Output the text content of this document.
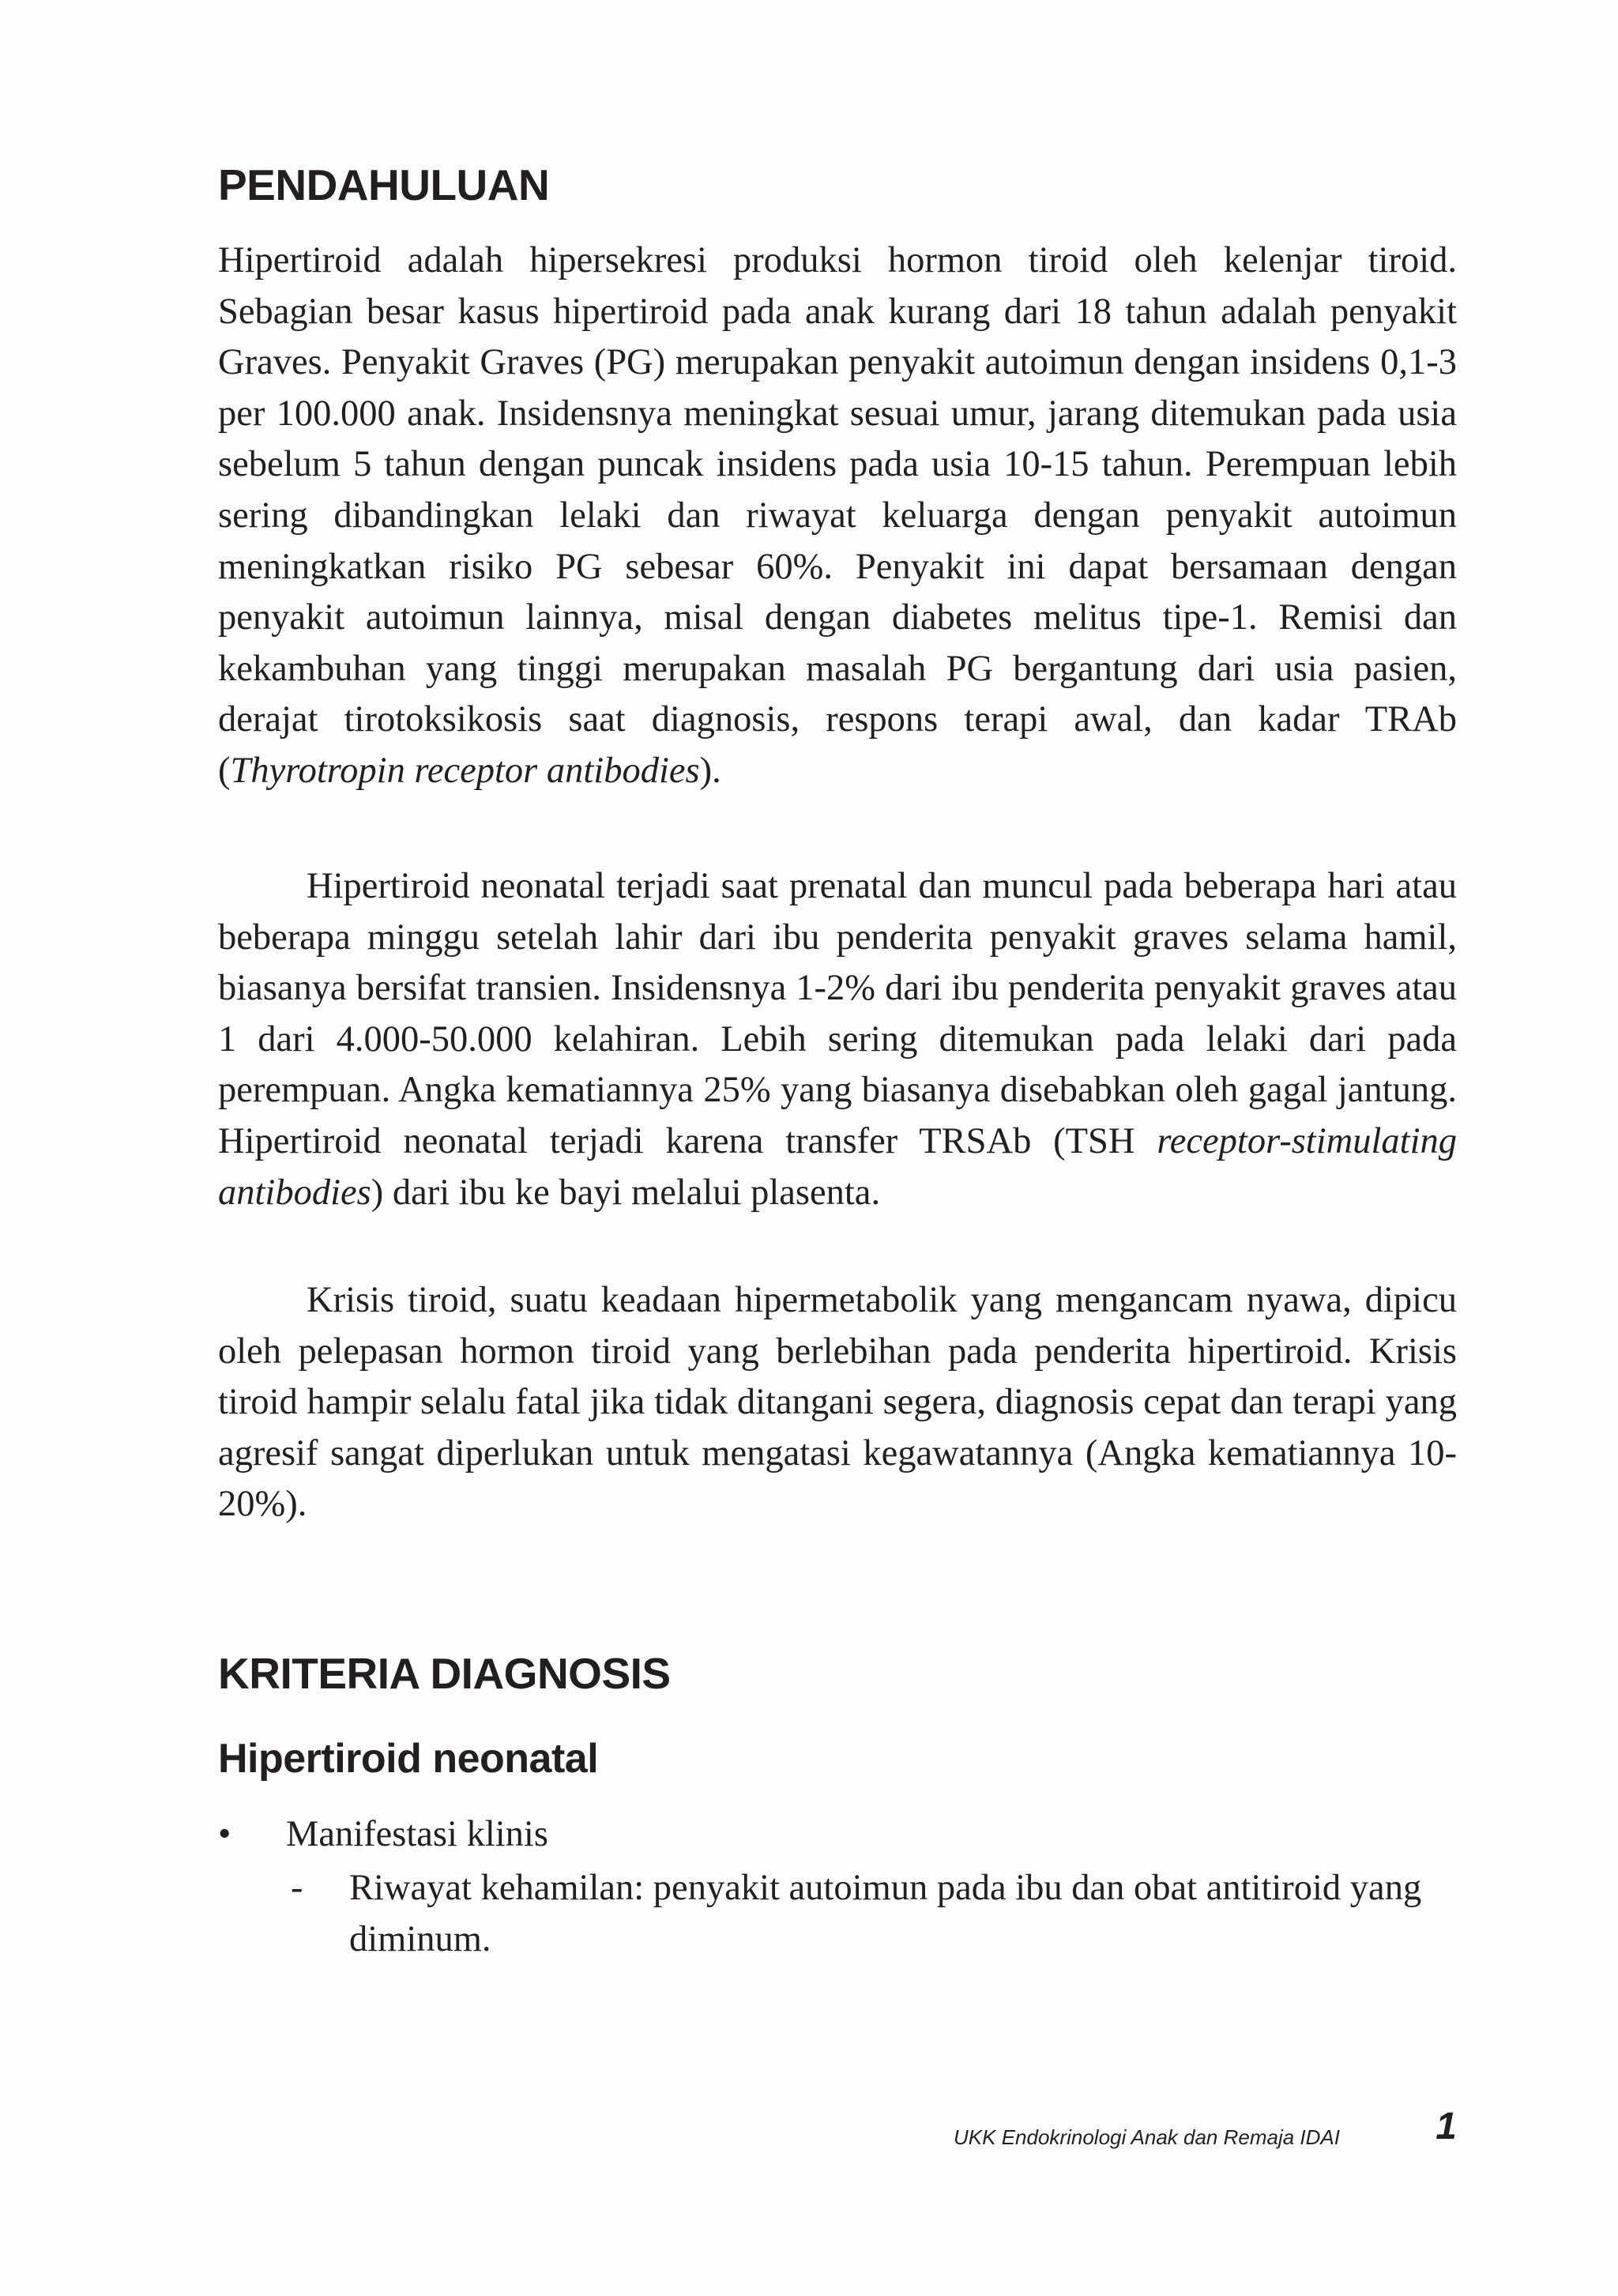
PENDAHULUAN

Hipertiroid adalah hipersekresi produksi hormon tiroid oleh kelenjar tiroid. Sebagian besar kasus hipertiroid pada anak kurang dari 18 tahun adalah penyakit Graves. Penyakit Graves (PG) merupakan penyakit autoimun dengan insidens 0,1-3 per 100.000 anak. Insidensnya meningkat sesuai umur, jarang ditemukan pada usia sebelum 5 tahun dengan puncak insidens pada usia 10-15 tahun. Perempuan lebih sering dibandingkan lelaki dan riwayat keluarga dengan penyakit autoimun meningkatkan risiko PG sebesar 60%. Penyakit ini dapat bersamaan dengan penyakit autoimun lainnya, misal dengan diabetes melitus tipe-1. Remisi dan kekambuhan yang tinggi merupakan masalah PG bergantung dari usia pasien, derajat tirotoksikosis saat diagnosis, respons terapi awal, dan kadar TRAb (Thyrotropin receptor antibodies).

Hipertiroid neonatal terjadi saat prenatal dan muncul pada beberapa hari atau beberapa minggu setelah lahir dari ibu penderita penyakit graves selama hamil, biasanya bersifat transien. Insidensnya 1-2% dari ibu penderita penyakit graves atau 1 dari 4.000-50.000 kelahiran. Lebih sering ditemukan pada lelaki dari pada perempuan. Angka kematiannya 25% yang biasanya disebabkan oleh gagal jantung. Hipertiroid neonatal terjadi karena transfer TRSAb (TSH receptor-stimulating antibodies) dari ibu ke bayi melalui plasenta.

Krisis tiroid, suatu keadaan hipermetabolik yang mengancam nyawa, dipicu oleh pelepasan hormon tiroid yang berlebihan pada penderita hipertiroid. Krisis tiroid hampir selalu fatal jika tidak ditangani segera, diagnosis cepat dan terapi yang agresif sangat diperlukan untuk mengatasi kegawatannya (Angka kematiannya 10-20%).

KRITERIA DIAGNOSIS
Hipertiroid neonatal
• Manifestasi klinis
- Riwayat kehamilan: penyakit autoimun pada ibu dan obat antitiroid yang diminum.
UKK Endokrinologi Anak dan Remaja IDAI	1
